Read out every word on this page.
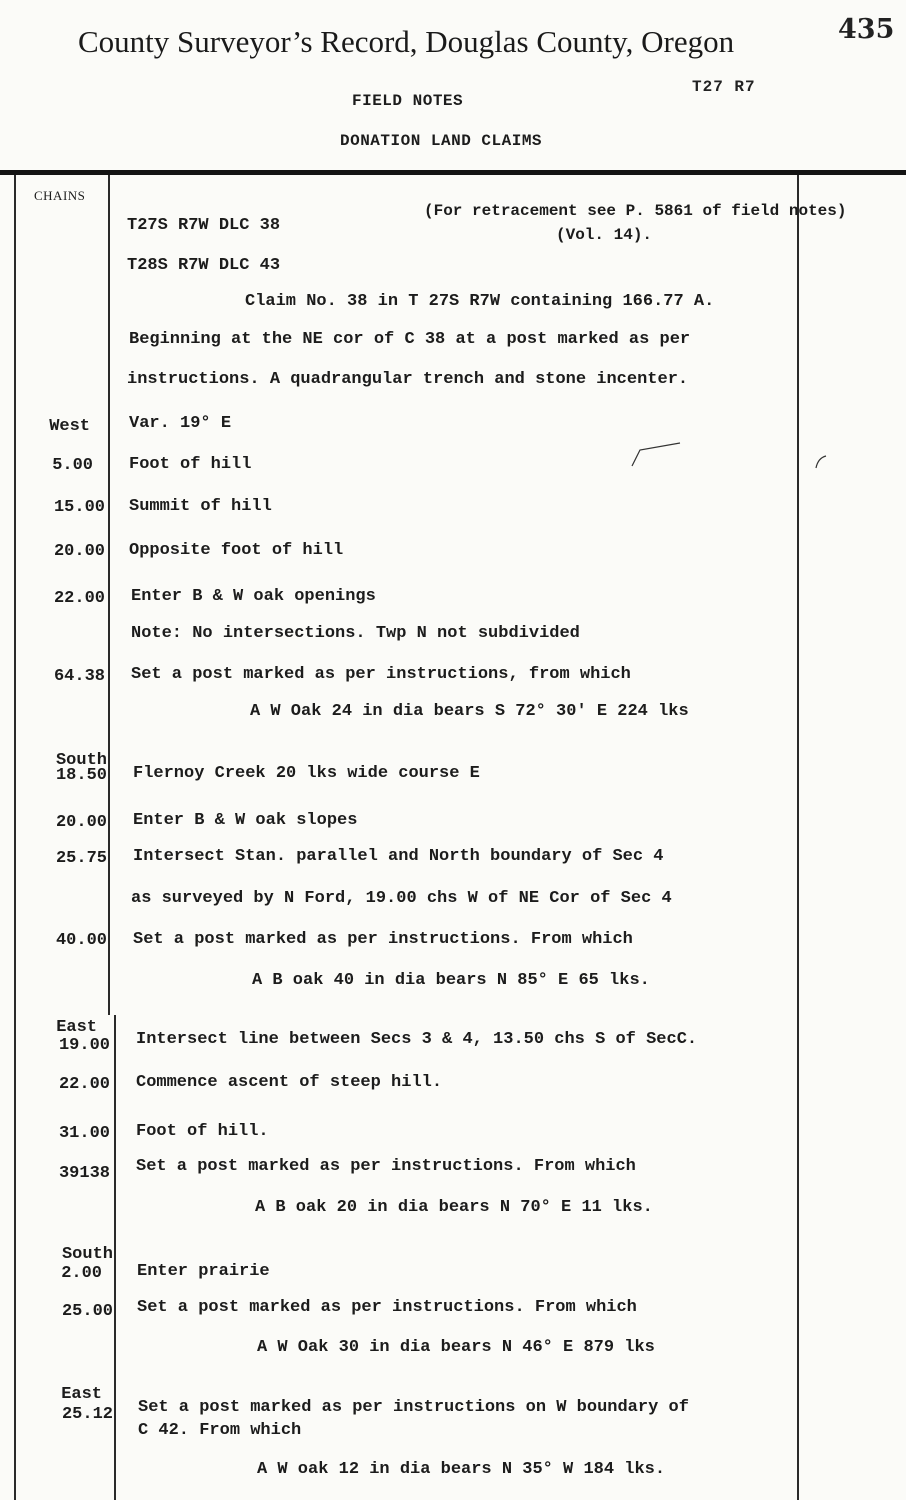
County Surveyor’s Record, Douglas County, Oregon	435
T27 R7
FIELD NOTES
DONATION LAND CLAIMS
CHAINS
T27S R7W DLC 38
(For retracement see P. 5861 of field notes)
(Vol. 14).
T28S R7W DLC 43
Claim No. 38 in T 27S R7W containing 166.77 A.
Beginning at the NE cor of C 38 at a post marked as per
instructions. A quadrangular trench and stone incenter.
West Var. 19° E
5.00 Foot of hill
15.00 Summit of hill
20.00 Opposite foot of hill
22.00 Enter B & W oak openings
Note: No intersections. Twp N not subdivided
64.38 Set a post marked as per instructions, from which
A W Oak 24 in dia bears S 72° 30' E 224 lks
South
18.50 Flernoy Creek 20 lks wide course E
20.00 Enter B & W oak slopes
25.75 Intersect Stan. parallel and North boundary of Sec 4
as surveyed by N Ford, 19.00 chs W of NE Cor of Sec 4
40.00 Set a post marked as per instructions. From which
A B oak 40 in dia bears N 85° E 65 lks.
East
19.00 Intersect line between Secs 3 & 4, 13.50 chs S of SecC.
22.00 Commence ascent of steep hill.
31.00 Foot of hill.
39138 Set a post marked as per instructions. From which
A B oak 20 in dia bears N 70° E 11 lks.
South
2.00 Enter prairie
25.00 Set a post marked as per instructions. From which
A W Oak 30 in dia bears N 46° E 879 lks
East
25.12 Set a post marked as per instructions on W boundary of
C 42. From which
A W oak 12 in dia bears N 35° W 184 lks.
